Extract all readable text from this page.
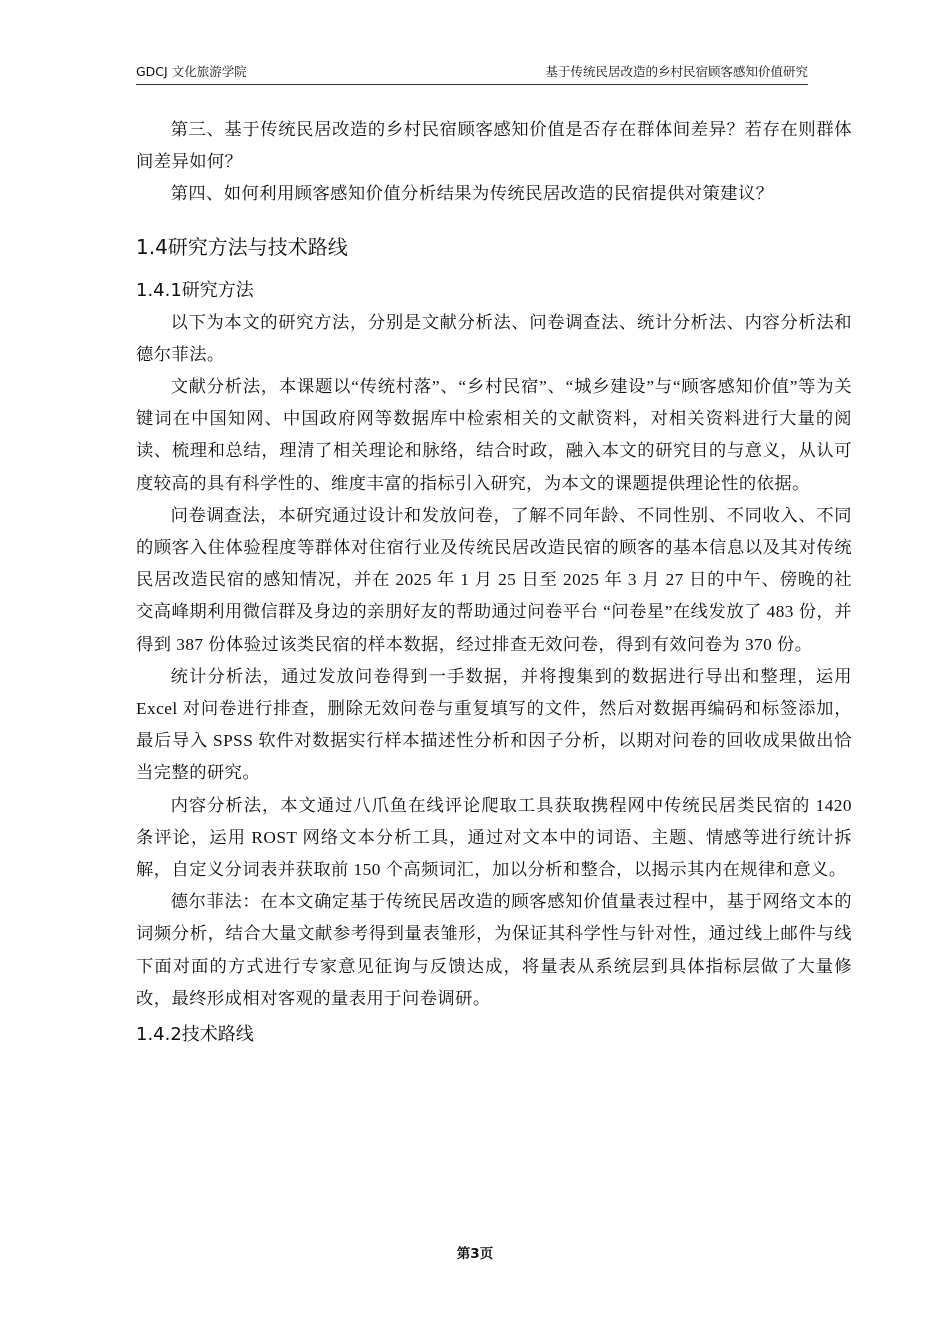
GDCJ 文化旅游学院	基于传统民居改造的乡村民宿顾客感知价值研究

第三、基于传统民居改造的乡村民宿顾客感知价值是否存在群体间差异？若存在则群体间差异如何？

第四、如何利用顾客感知价值分析结果为传统民居改造的民宿提供对策建议？

1.4研究方法与技术路线
1.4.1研究方法

以下为本文的研究方法，分别是文献分析法、问卷调查法、统计分析法、内容分析法和德尔菲法。

文献分析法，本课题以“传统村落”、“乡村民宿”、“城乡建设”与“顾客感知价值”等为关键词在中国知网、中国政府网等数据库中检索相关的文献资料，对相关资料进行大量的阅读、梳理和总结，理清了相关理论和脉络，结合时政，融入本文的研究目的与意义，从认可度较高的具有科学性的、维度丰富的指标引入研究，为本文的课题提供理论性的依据。

问卷调查法，本研究通过设计和发放问卷，了解不同年龄、不同性别、不同收入、不同的顾客入住体验程度等群体对住宿行业及传统民居改造民宿的顾客的基本信息以及其对传统民居改造民宿的感知情况，并在 2025 年 1 月 25 日至 2025 年 3 月 27 日的中午、傍晚的社交高峰期利用微信群及身边的亲朋好友的帮助通过问卷平台 “问卷星”在线发放了 483 份，并得到 387 份体验过该类民宿的样本数据，经过排查无效问卷，得到有效问卷为 370 份。

统计分析法，通过发放问卷得到一手数据，并将搜集到的数据进行导出和整理，运用 Excel 对问卷进行排查，删除无效问卷与重复填写的文件，然后对数据再编码和标签添加，最后导入 SPSS 软件对数据实行样本描述性分析和因子分析，以期对问卷的回收成果做出恰当完整的研究。

内容分析法，本文通过八爪鱼在线评论爬取工具获取携程网中传统民居类民宿的 1420 条评论，运用 ROST 网络文本分析工具，通过对文本中的词语、主题、情感等进行统计拆解，自定义分词表并获取前 150 个高频词汇，加以分析和整合，以揭示其内在规律和意义。

德尔菲法：在本文确定基于传统民居改造的顾客感知价值量表过程中，基于网络文本的词频分析，结合大量文献参考得到量表雏形，为保证其科学性与针对性，通过线上邮件与线下面对面的方式进行专家意见征询与反馈达成，将量表从系统层到具体指标层做了大量修改，最终形成相对客观的量表用于问卷调研。

1.4.2技术路线
第3页
